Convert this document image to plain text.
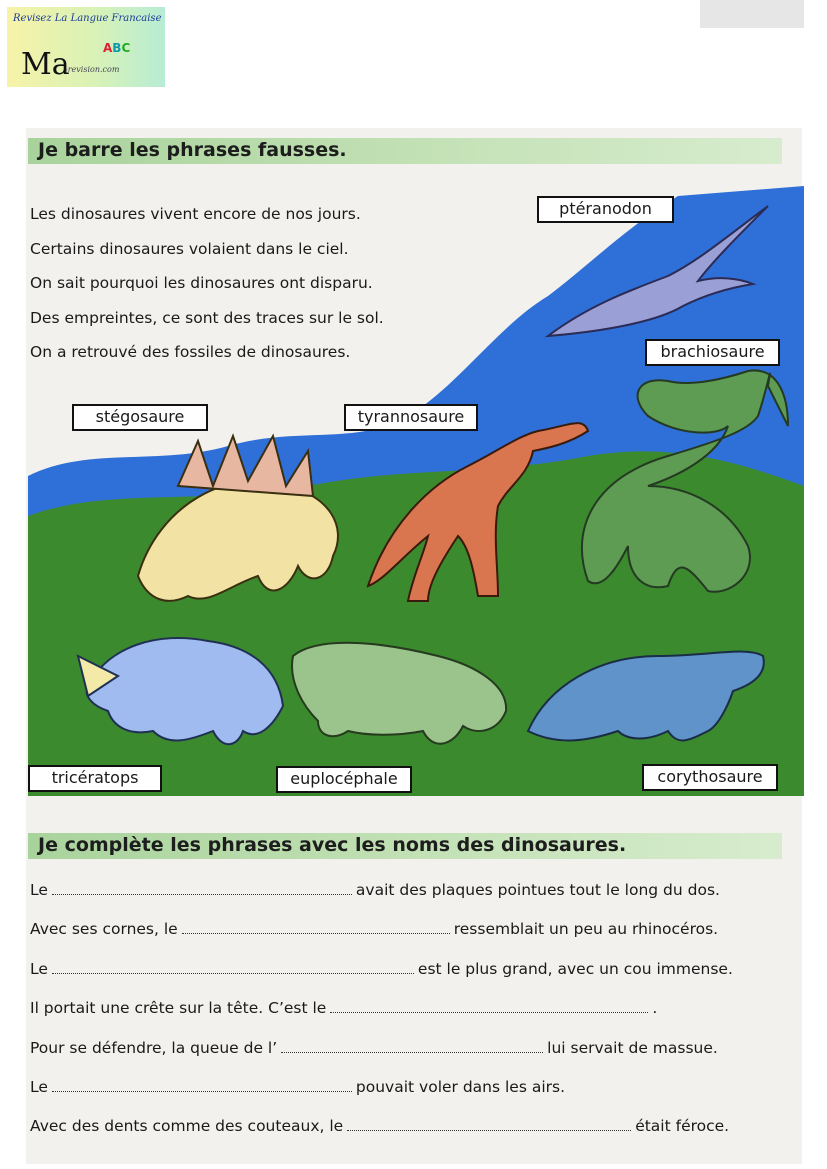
Revisez La Langue Francaise
Ma	ABC
-revision.com
Je barre les phrases fausses.
Les dinosaures vivent encore de nos jours.
Certains dinosaures volaient dans le ciel.
On sait pourquoi les dinosaures ont disparu.
Des empreintes, ce sont des traces sur le sol.
On a retrouvé des fossiles de dinosaures.
ptéranodon
brachiosaure
stégosaure	tyrannosaure
tricératops	euplocéphale	corythosaure
Je complète les phrases avec les noms des dinosaures.
Le	avait des plaques pointues tout le long du dos.
Avec ses cornes, le	ressemblait un peu au rhinocéros.
Le	est le plus grand, avec un cou immense.
Il portait une crête sur la tête. C’est le	.
Pour se défendre, la queue de l’	lui servait de massue.
Le	pouvait voler dans les airs.
Avec des dents comme des couteaux, le	était féroce.
